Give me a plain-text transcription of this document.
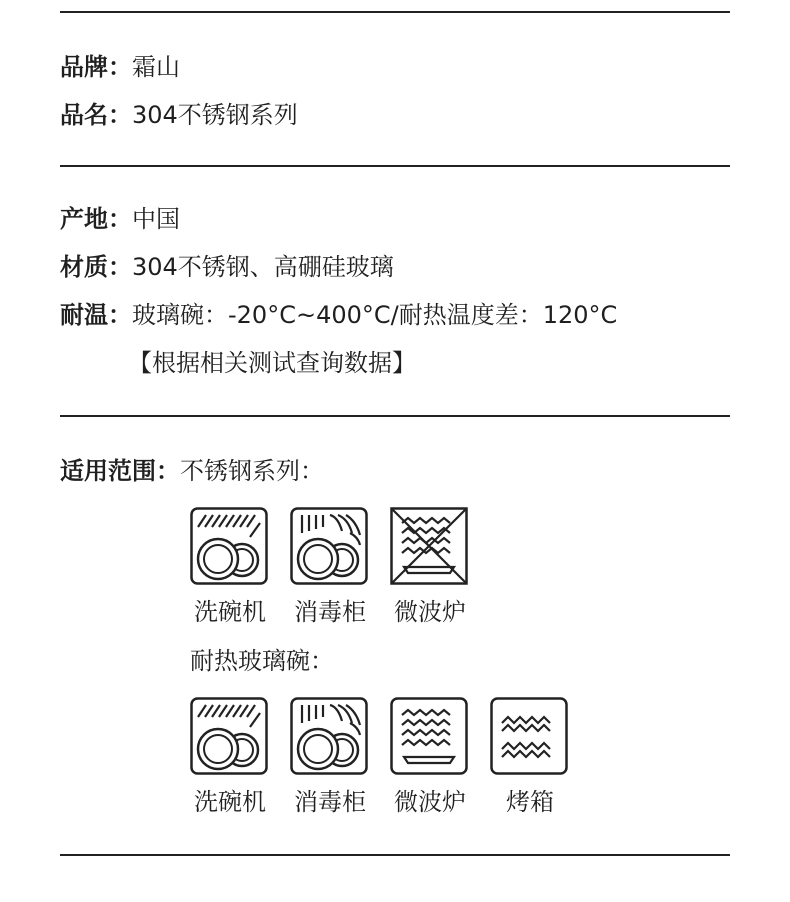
品牌：霜山
品名：304不锈钢系列
产地：中国
材质：304不锈钢、高硼硅玻璃
耐温：玻璃碗：-20°C~400°C/耐热温度差：120°C
【根据相关测试查询数据】
适用范围：不锈钢系列：
洗碗机	消毒柜	微波炉
耐热玻璃碗：
洗碗机	消毒柜	微波炉	烤箱
